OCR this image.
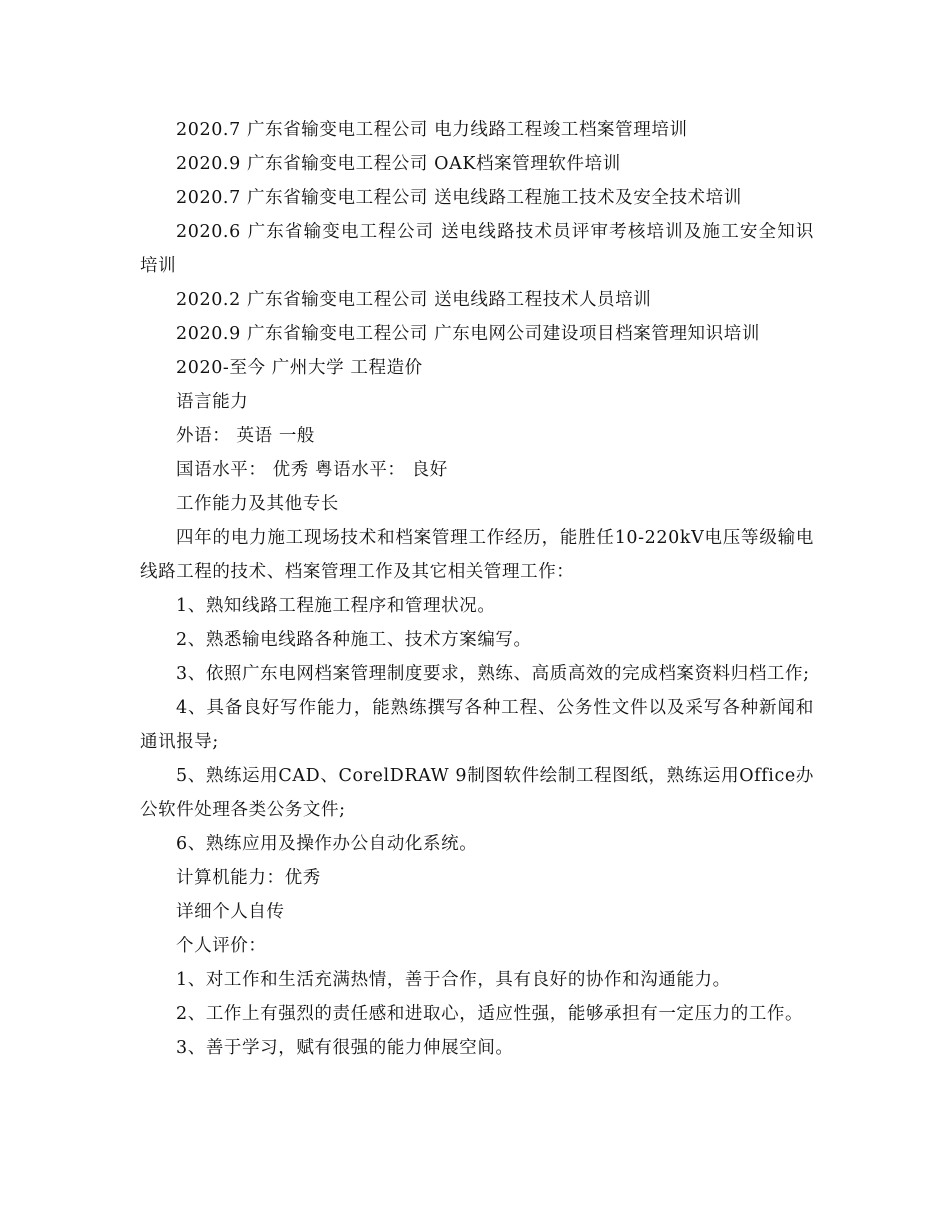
2020.7 广东省输变电工程公司 电力线路工程竣工档案管理培训

2020.9 广东省输变电工程公司 OAK档案管理软件培训

2020.7 广东省输变电工程公司 送电线路工程施工技术及安全技术培训

2020.6 广东省输变电工程公司 送电线路技术员评审考核培训及施工安全知识培训

2020.2 广东省输变电工程公司 送电线路工程技术人员培训

2020.9 广东省输变电工程公司 广东电网公司建设项目档案管理知识培训

2020-至今 广州大学 工程造价

语言能力

外语： 英语 一般

国语水平： 优秀 粤语水平： 良好

工作能力及其他专长

四年的电力施工现场技术和档案管理工作经历，能胜任10-220kV电压等级输电线路工程的技术、档案管理工作及其它相关管理工作：

1、熟知线路工程施工程序和管理状况。

2、熟悉输电线路各种施工、技术方案编写。

3、依照广东电网档案管理制度要求，熟练、高质高效的完成档案资料归档工作;

4、具备良好写作能力，能熟练撰写各种工程、公务性文件以及采写各种新闻和通讯报导;

5、熟练运用CAD、CorelDRAW 9制图软件绘制工程图纸，熟练运用Office办公软件处理各类公务文件;

6、熟练应用及操作办公自动化系统。

计算机能力：优秀

详细个人自传

个人评价：

1、对工作和生活充满热情，善于合作，具有良好的协作和沟通能力。

2、工作上有强烈的责任感和进取心，适应性强，能够承担有一定压力的工作。

3、善于学习，赋有很强的能力伸展空间。
